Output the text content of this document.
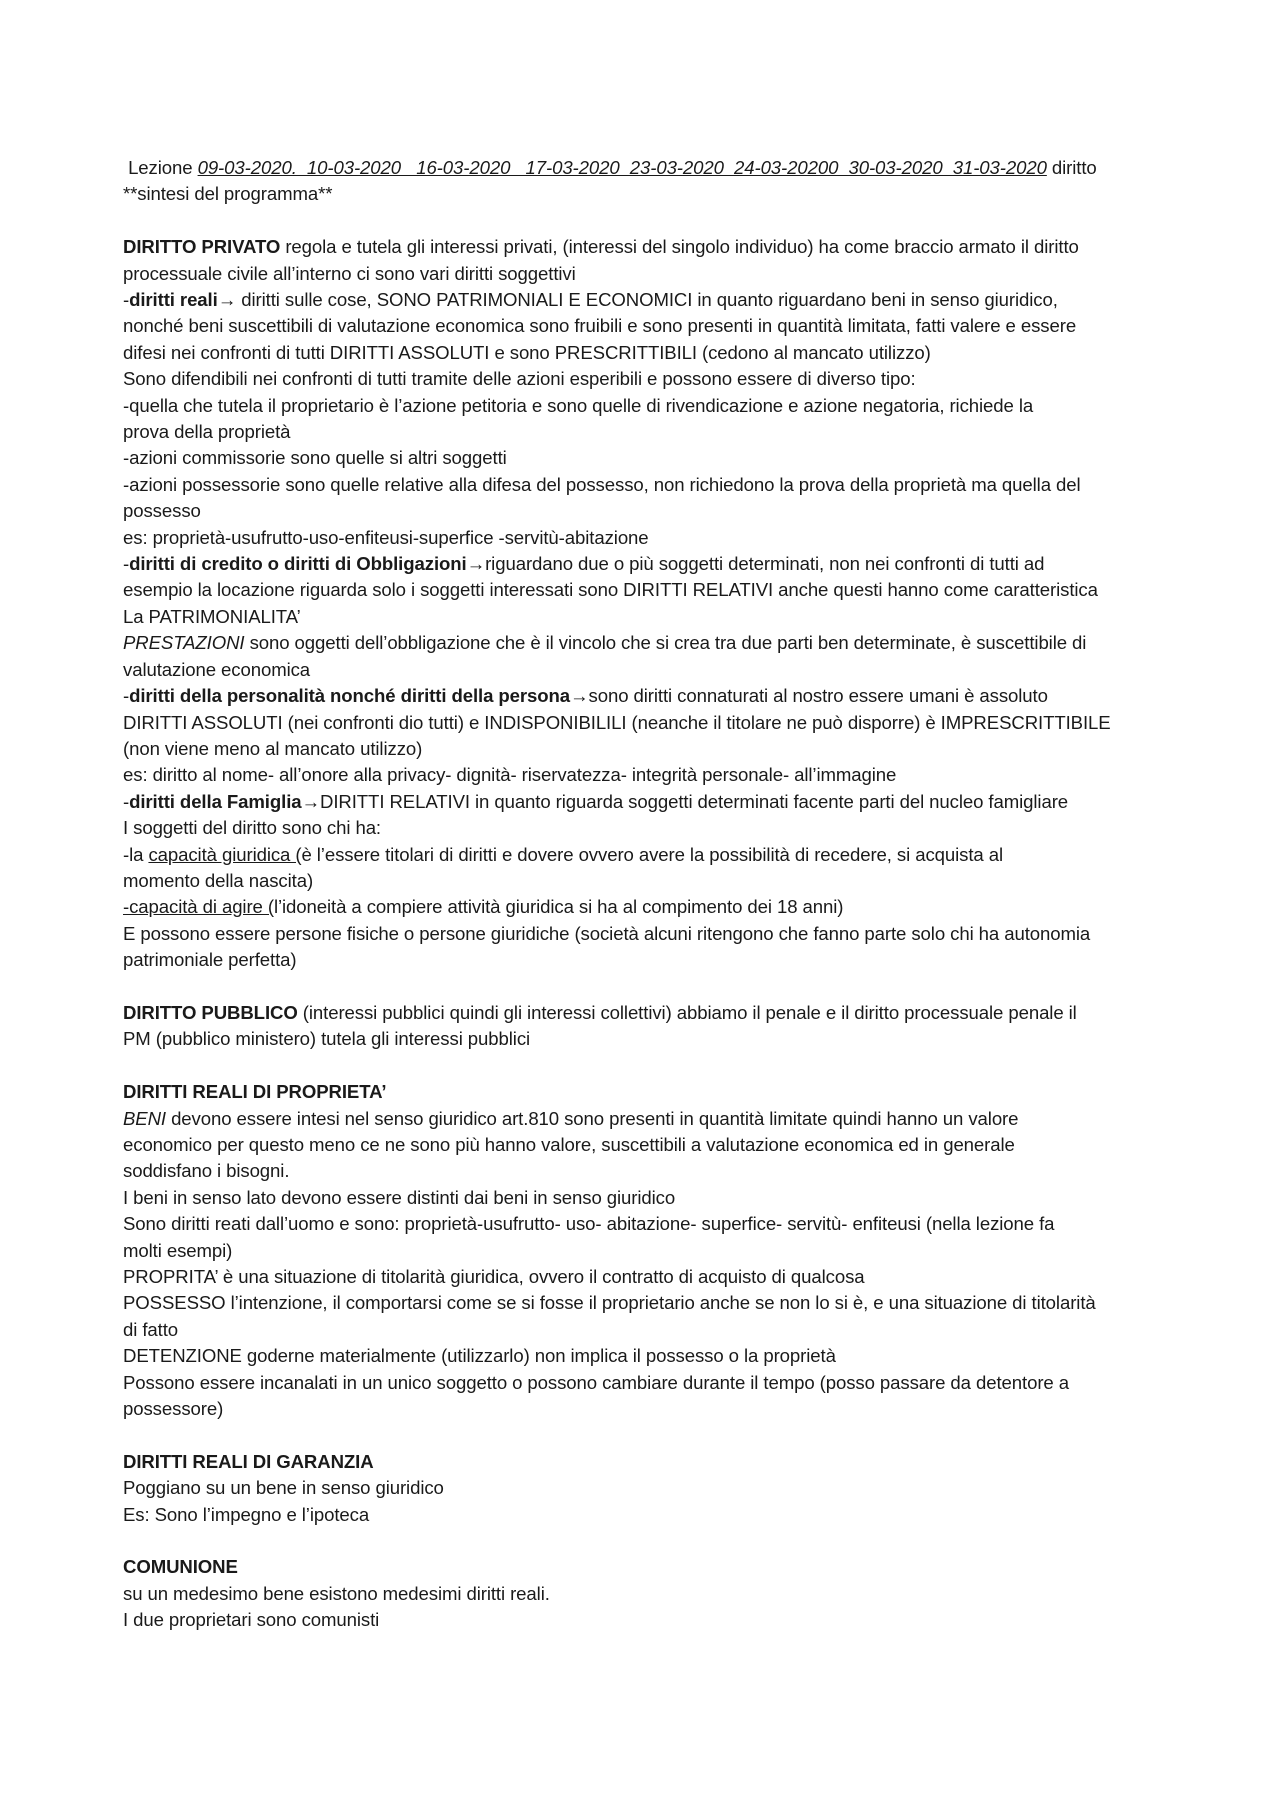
Lezione 09-03-2020.  10-03-2020   16-03-2020   17-03-2020  23-03-2020  24-03-20200  30-03-2020  31-03-2020 diritto
**sintesi del programma**
DIRITTO PRIVATO regola e tutela gli interessi privati, (interessi del singolo individuo) ha come braccio armato il diritto
processuale civile all’interno ci sono vari diritti soggettivi
-diritti reali→ diritti sulle cose, SONO PATRIMONIALI E ECONOMICI in quanto riguardano beni in senso giuridico,
nonché beni suscettibili di valutazione economica sono fruibili e sono presenti in quantità limitata, fatti valere e essere
difesi nei confronti di tutti DIRITTI ASSOLUTI e sono PRESCRITTIBILI (cedono al mancato utilizzo)
Sono difendibili nei confronti di tutti tramite delle azioni esperibili e possono essere di diverso tipo:
-quella che tutela il proprietario è l’azione petitoria e sono quelle di rivendicazione e azione negatoria, richiede la
prova della proprietà
-azioni commissorie sono quelle si altri soggetti
-azioni possessorie sono quelle relative alla difesa del possesso, non richiedono la prova della proprietà ma quella del
possesso
es: proprietà-usufrutto-uso-enfiteusi-superfice -servitù-abitazione
-diritti di credito o diritti di Obbligazioni→riguardano due o più soggetti determinati, non nei confronti di tutti ad
esempio la locazione riguarda solo i soggetti interessati sono DIRITTI RELATIVI anche questi hanno come caratteristica
La PATRIMONIALITA’
PRESTAZIONI sono oggetti dell’obbligazione che è il vincolo che si crea tra due parti ben determinate, è suscettibile di
valutazione economica
-diritti della personalità nonché diritti della persona→sono diritti connaturati al nostro essere umani è assoluto
DIRITTI ASSOLUTI (nei confronti dio tutti) e INDISPONIBILILI (neanche il titolare ne può disporre) è IMPRESCRITTIBILE
(non viene meno al mancato utilizzo)
es: diritto al nome- all’onore alla privacy- dignità- riservatezza- integrità personale- all’immagine
-diritti della Famiglia→DIRITTI RELATIVI in quanto riguarda soggetti determinati facente parti del nucleo famigliare
I soggetti del diritto sono chi ha:
-la capacità giuridica (è l’essere titolari di diritti e dovere ovvero avere la possibilità di recedere, si acquista al
momento della nascita)
-capacità di agire (l’idoneità a compiere attività giuridica si ha al compimento dei 18 anni)
E possono essere persone fisiche o persone giuridiche (società alcuni ritengono che fanno parte solo chi ha autonomia
patrimoniale perfetta)
DIRITTO PUBBLICO (interessi pubblici quindi gli interessi collettivi) abbiamo il penale e il diritto processuale penale il
PM (pubblico ministero) tutela gli interessi pubblici
DIRITTI REALI DI PROPRIETA’
BENI devono essere intesi nel senso giuridico art.810 sono presenti in quantità limitate quindi hanno un valore
economico per questo meno ce ne sono più hanno valore, suscettibili a valutazione economica ed in generale
soddisfano i bisogni.
I beni in senso lato devono essere distinti dai beni in senso giuridico
Sono diritti reati dall’uomo e sono: proprietà-usufrutto- uso- abitazione- superfice- servitù- enfiteusi (nella lezione fa
molti esempi)
PROPRITA’ è una situazione di titolarità giuridica, ovvero il contratto di acquisto di qualcosa
POSSESSO l’intenzione, il comportarsi come se si fosse il proprietario anche se non lo si è, e una situazione di titolarità
di fatto
DETENZIONE goderne materialmente (utilizzarlo) non implica il possesso o la proprietà
Possono essere incanalati in un unico soggetto o possono cambiare durante il tempo (posso passare da detentore a
possessore)
DIRITTI REALI DI GARANZIA
Poggiano su un bene in senso giuridico
Es: Sono l’impegno e l’ipoteca
COMUNIONE
su un medesimo bene esistono medesimi diritti reali.
I due proprietari sono comunisti
